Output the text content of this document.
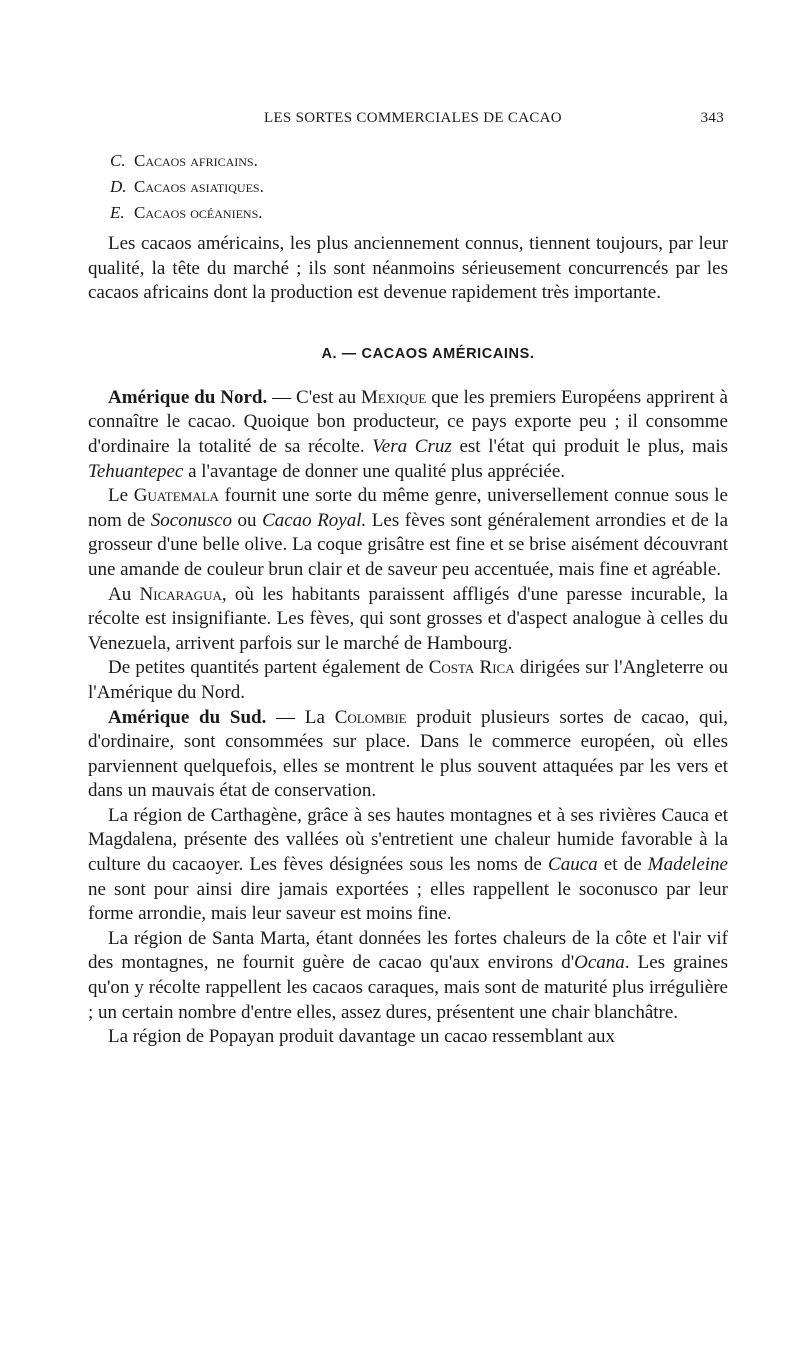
LES SORTES COMMERCIALES DE CACAO	343
C. Cacaos africains.
D. Cacaos asiatiques.
E. Cacaos océaniens.

Les cacaos américains, les plus anciennement connus, tiennent toujours, par leur qualité, la tête du marché ; ils sont néanmoins sérieusement concurrencés par les cacaos africains dont la production est devenue rapidement très importante.

A. — CACAOS AMÉRICAINS.

Amérique du Nord. — C'est au Mexique que les premiers Européens apprirent à connaître le cacao. Quoique bon producteur, ce pays exporte peu ; il consomme d'ordinaire la totalité de sa récolte. Vera Cruz est l'état qui produit le plus, mais Tehuantepec a l'avantage de donner une qualité plus appréciée.

Le Guatemala fournit une sorte du même genre, universellement connue sous le nom de Soconusco ou Cacao Royal. Les fèves sont généralement arrondies et de la grosseur d'une belle olive. La coque grisâtre est fine et se brise aisément découvrant une amande de couleur brun clair et de saveur peu accentuée, mais fine et agréable.

Au Nicaragua, où les habitants paraissent affligés d'une paresse incurable, la récolte est insignifiante. Les fèves, qui sont grosses et d'aspect analogue à celles du Venezuela, arrivent parfois sur le marché de Hambourg.

De petites quantités partent également de Costa Rica dirigées sur l'Angleterre ou l'Amérique du Nord.

Amérique du Sud. — La Colombie produit plusieurs sortes de cacao, qui, d'ordinaire, sont consommées sur place. Dans le commerce européen, où elles parviennent quelquefois, elles se montrent le plus souvent attaquées par les vers et dans un mauvais état de conservation.

La région de Carthagène, grâce à ses hautes montagnes et à ses rivières Cauca et Magdalena, présente des vallées où s'entretient une chaleur humide favorable à la culture du cacaoyer. Les fèves désignées sous les noms de Cauca et de Madeleine ne sont pour ainsi dire jamais exportées ; elles rappellent le soconusco par leur forme arrondie, mais leur saveur est moins fine.

La région de Santa Marta, étant données les fortes chaleurs de la côte et l'air vif des montagnes, ne fournit guère de cacao qu'aux environs d'Ocana. Les graines qu'on y récolte rappellent les cacaos caraques, mais sont de maturité plus irrégulière ; un certain nombre d'entre elles, assez dures, présentent une chair blanchâtre.

La région de Popayan produit davantage un cacao ressemblant aux
